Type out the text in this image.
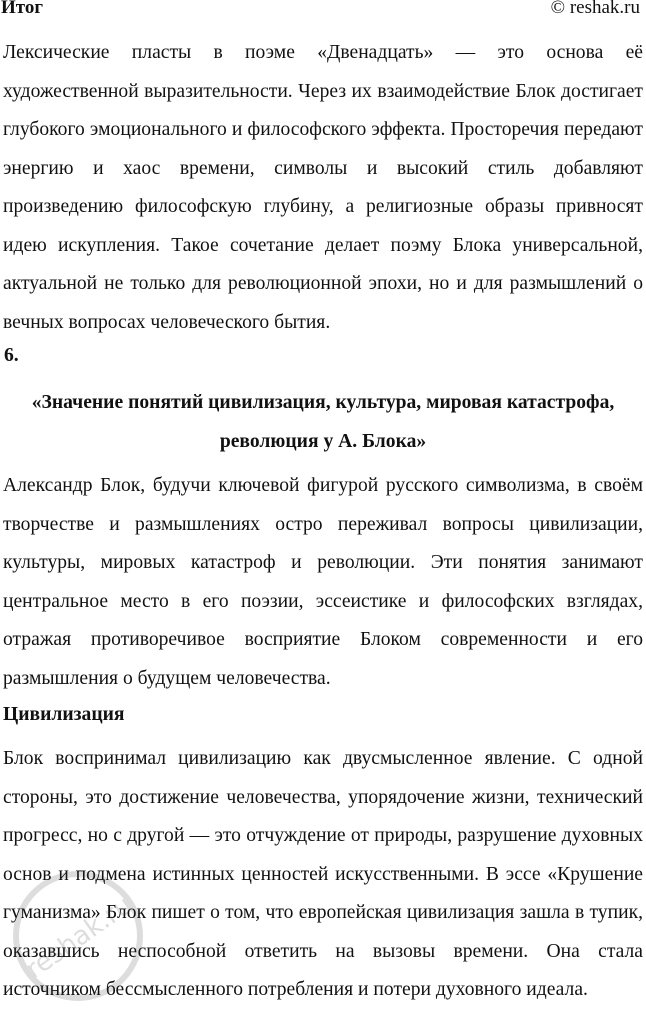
Итог	© reshak.ru

Лексические пласты в поэме «Двенадцать» — это основа её художественной выразительности. Через их взаимодействие Блок достигает глубокого эмоционального и философского эффекта. Просторечия передают энергию и хаос времени, символы и высокий стиль добавляют произведению философскую глубину, а религиозные образы привносят идею искупления. Такое сочетание делает поэму Блока универсальной, актуальной не только для революционной эпохи, но и для размышлений о вечных вопросах человеческого бытия.

6.

«Значение понятий цивилизация, культура, мировая катастрофа, революция у А. Блока»

Александр Блок, будучи ключевой фигурой русского символизма, в своём творчестве и размышлениях остро переживал вопросы цивилизации, культуры, мировых катастроф и революции. Эти понятия занимают центральное место в его поэзии, эссеистике и философских взглядах, отражая противоречивое восприятие Блоком современности и его размышления о будущем человечества.

Цивилизация

Блок воспринимал цивилизацию как двусмысленное явление. С одной стороны, это достижение человечества, упорядочение жизни, технический прогресс, но с другой — это отчуждение от природы, разрушение духовных основ и подмена истинных ценностей искусственными. В эссе «Крушение гуманизма» Блок пишет о том, что европейская цивилизация зашла в тупик, оказавшись неспособной ответить на вызовы времени. Она стала источником бессмысленного потребления и потери духовного идеала.

reshak.ru
